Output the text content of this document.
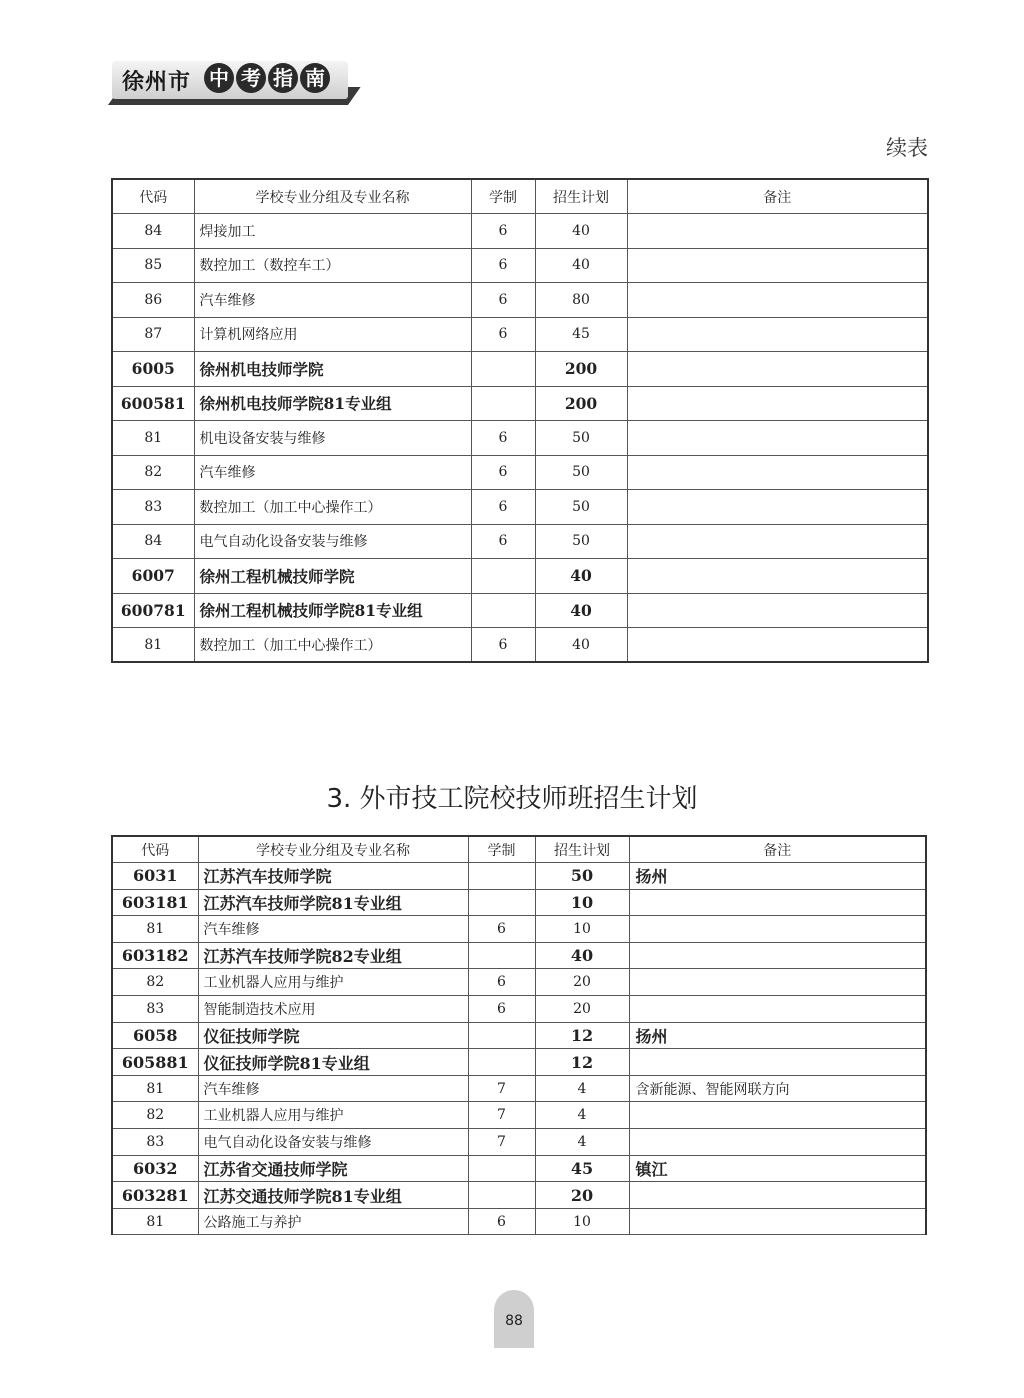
徐州市 中 考 指 南
续表
代码	学校专业分组及专业名称	学制	招生计划	备注
84	焊接加工	6	40	
85	数控加工（数控车工）	6	40	
86	汽车维修	6	80	
87	计算机网络应用	6	45	
6005	徐州机电技师学院		200	
600581	徐州机电技师学院81专业组		200	
81	机电设备安装与维修	6	50	
82	汽车维修	6	50	
83	数控加工（加工中心操作工）	6	50	
84	电气自动化设备安装与维修	6	50	
6007	徐州工程机械技师学院		40	
600781	徐州工程机械技师学院81专业组		40	
81	数控加工（加工中心操作工）	6	40	
3. 外市技工院校技师班招生计划
代码	学校专业分组及专业名称	学制	招生计划	备注
6031	江苏汽车技师学院		50	扬州
603181	江苏汽车技师学院81专业组		10	
81	汽车维修	6	10	
603182	江苏汽车技师学院82专业组		40	
82	工业机器人应用与维护	6	20	
83	智能制造技术应用	6	20	
6058	仪征技师学院		12	扬州
605881	仪征技师学院81专业组		12	
81	汽车维修	7	4	含新能源、智能网联方向
82	工业机器人应用与维护	7	4	
83	电气自动化设备安装与维修	7	4	
6032	江苏省交通技师学院		45	镇江
603281	江苏交通技师学院81专业组		20	
81	公路施工与养护	6	10	
88
